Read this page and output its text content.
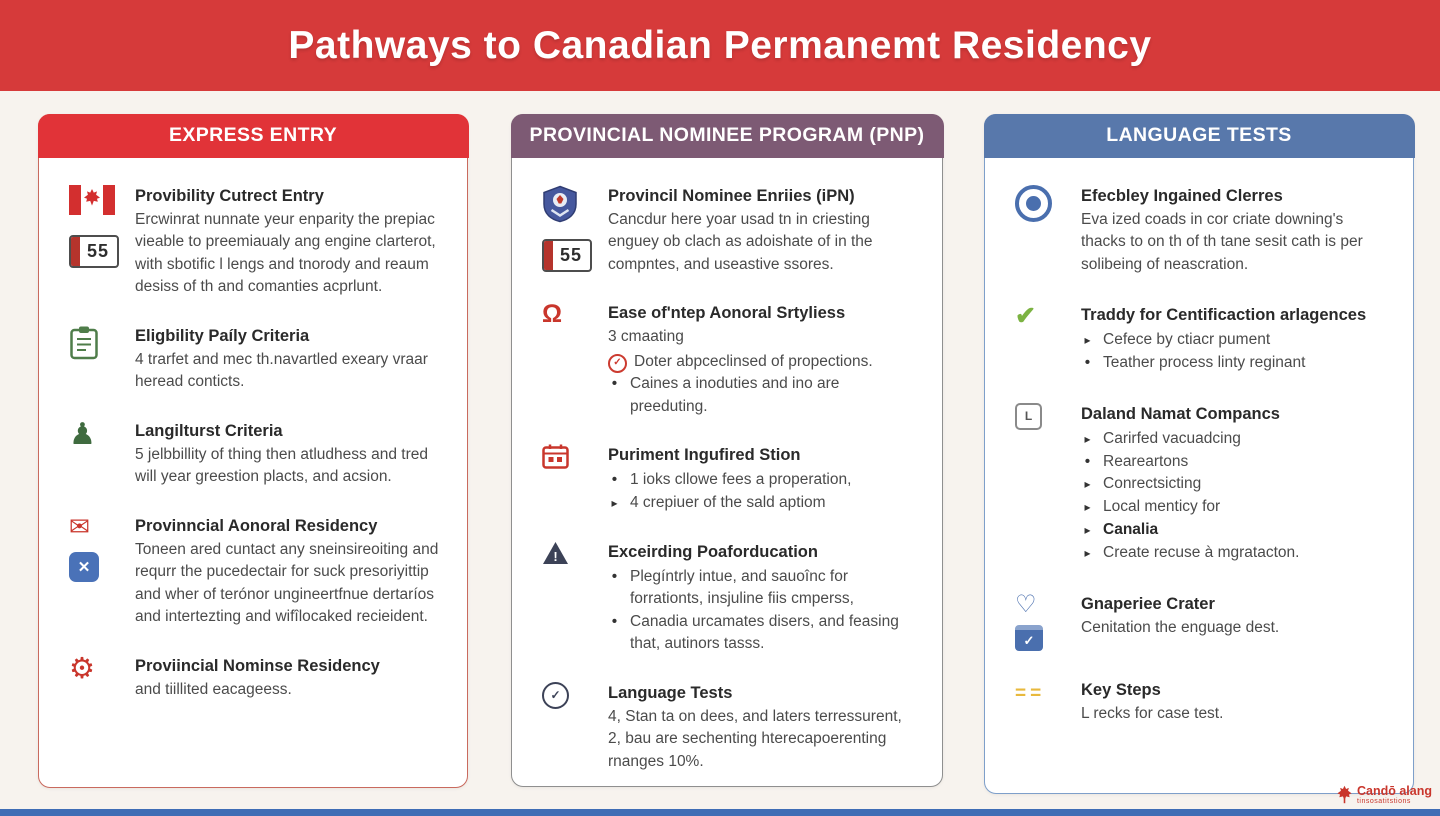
Pathways to Canadian Permanemt Residency
EXPRESS ENTRY
55
Provibility Cutrect Entry
Ercwinrat nunnate yeur enparity the prepiac vieable to preemiaualy ang engine clarterot, with sbotific l lengs and tnorody and reaum desiss of th and comanties acprlunt.
Eligbility Paíly Criteria
4 trarfet and mec th.navartled exeary vraar heread conticts.
♟ Langilturst Criteria
5 jelbbillity of thing then atludhess and tred will year greestion placts, and acsion.
✉
✕
Provinncial Aonoral Residency
Toneen ared cuntact any sneinsireoiting and requrr the pucedectair for suck presoriyittip and wher of terónor ungineertfnue dertaríos and intertezting and wifîlocaked recieident.
⚙ Proviincial Nominse Residency
and tiillited eacageess.
PROVINCIAL NOMINEE PROGRAM (PNP)
55
Provincil Nominee Enriies (iPN)
Cancdur here yoar usad tn in criesting enguey ob clach as adoishate of in the compntes, and useastive ssores.
Ω	Ease of'ntep Aonoral Srtyliess
3 cmaating
✓ Doter abpceclinsed of propections.
• Caines a inoduties and ino are preeduting.
Puriment Ingufired Stion
• 1 ioks cllowe fees a properation,
▸ 4 crepiuer of the sald aptiom
!	Exceirding Poaforducation
• Plegíntrly intue, and sauoînc for forrationts, insjuline fiis cmperss,
• Canadia urcamates disers, and feasing that, autinors tasss.
✓	Language Tests
4, Stan ta on dees, and laters terressurent, 2, bau are sechenting hterecapoerenting rnanges 10%.
LANGUAGE TESTS
Efecbley Ingained Clerres
Eva ized coads in cor criate downing's thacks to on th of th tane sesit cath is per solibeing of neascration.
✔	Traddy for Centificaction arlagences
▸ Cefece by ctiacr pument
• Teather process linty reginant
L	Daland Namat Compancs
▸ Carirfed vacuadcing
• Reareartons
▸ Conrectsicting
▸ Local menticy for
▸ Canalia
▸ Create recuse à mgratacton.
♡
✓
Gnaperiee Crater
Cenitation the enguage dest.
== Key Steps
L recks for case test.
Candō alang
tinsosatitstions
